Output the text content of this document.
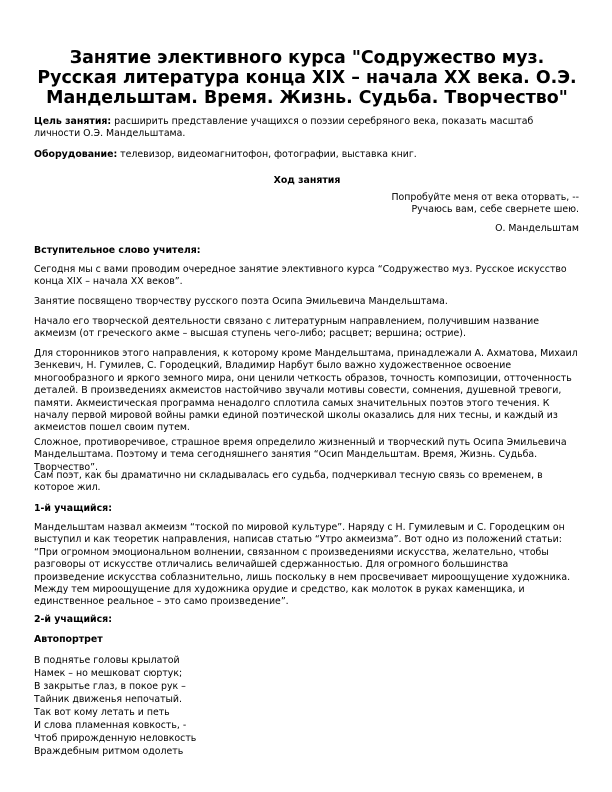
Занятие элективного курса "Содружество муз. Русская литература конца XIX – начала XX века. О.Э. Мандельштам. Время. Жизнь. Судьба. Творчество"

Цель занятия: расширить представление учащихся о поэзии серебряного века, показать масштаб личности О.Э. Мандельштама.

Оборудование: телевизор, видеомагнитофон, фотографии, выставка книг.

Ход занятия

Попробуйте меня от века оторвать, --
Ручаюсь вам, себе свернете шею.
О. Мандельштам

Вступительное слово учителя:

Сегодня мы с вами проводим очередное занятие элективного курса “Содружество муз. Русское искусство конца XIX – начала XX веков”.

Занятие посвящено творчеству русского поэта Осипа Эмильевича Мандельштама.

Начало его творческой деятельности связано с литературным направлением, получившим название акмеизм (от греческого акме – высшая ступень чего-либо; расцвет; вершина; острие).

Для сторонников этого направления, к которому кроме Мандельштама, принадлежали А. Ахматова, Михаил Зенкевич, Н. Гумилев, С. Городецкий, Владимир Нарбут было важно художественное освоение многообразного и яркого земного мира, они ценили четкость образов, точность композиции, отточенность деталей. В произведениях акмеистов настойчиво звучали мотивы совести, сомнения, душевной тревоги, памяти. Акмеистическая программа ненадолго сплотила самых значительных поэтов этого течения. К началу первой мировой войны рамки единой поэтической школы оказались для них тесны, и каждый из акмеистов пошел своим путем.

Сложное, противоречивое, страшное время определило жизненный и творческий путь Осипа Эмильевича Мандельштама. Поэтому и тема сегодняшнего занятия “Осип Мандельштам. Время, Жизнь. Судьба. Творчество”.

Сам поэт, как бы драматично ни складывалась его судьба, подчеркивал тесную связь со временем, в которое жил.

1-й учащийся:

Мандельштам назвал акмеизм “тоской по мировой культуре”. Наряду с Н. Гумилевым и С. Городецким он выступил и как теоретик направления, написав статью “Утро акмеизма”. Вот одно из положений статьи: “При огромном эмоциональном волнении, связанном с произведениями искусства, желательно, чтобы разговоры от искусстве отличались величайшей сдержанностью. Для огромного большинства произведение искусства соблазнительно, лишь поскольку в нем просвечивает мироощущение художника. Между тем мироощущение для художника орудие и средство, как молоток в руках каменщика, и единственное реальное – это само произведение”.

2-й учащийся:

Автопортрет

В поднятье головы крылатой
Намек – но мешковат сюртук;
В закрытье глаз, в покое рук –
Тайник движенья непочатый.
Так вот кому летать и петь
И слова пламенная ковкость, -
Чтоб прирожденную неловкость
Враждебным ритмом одолеть
